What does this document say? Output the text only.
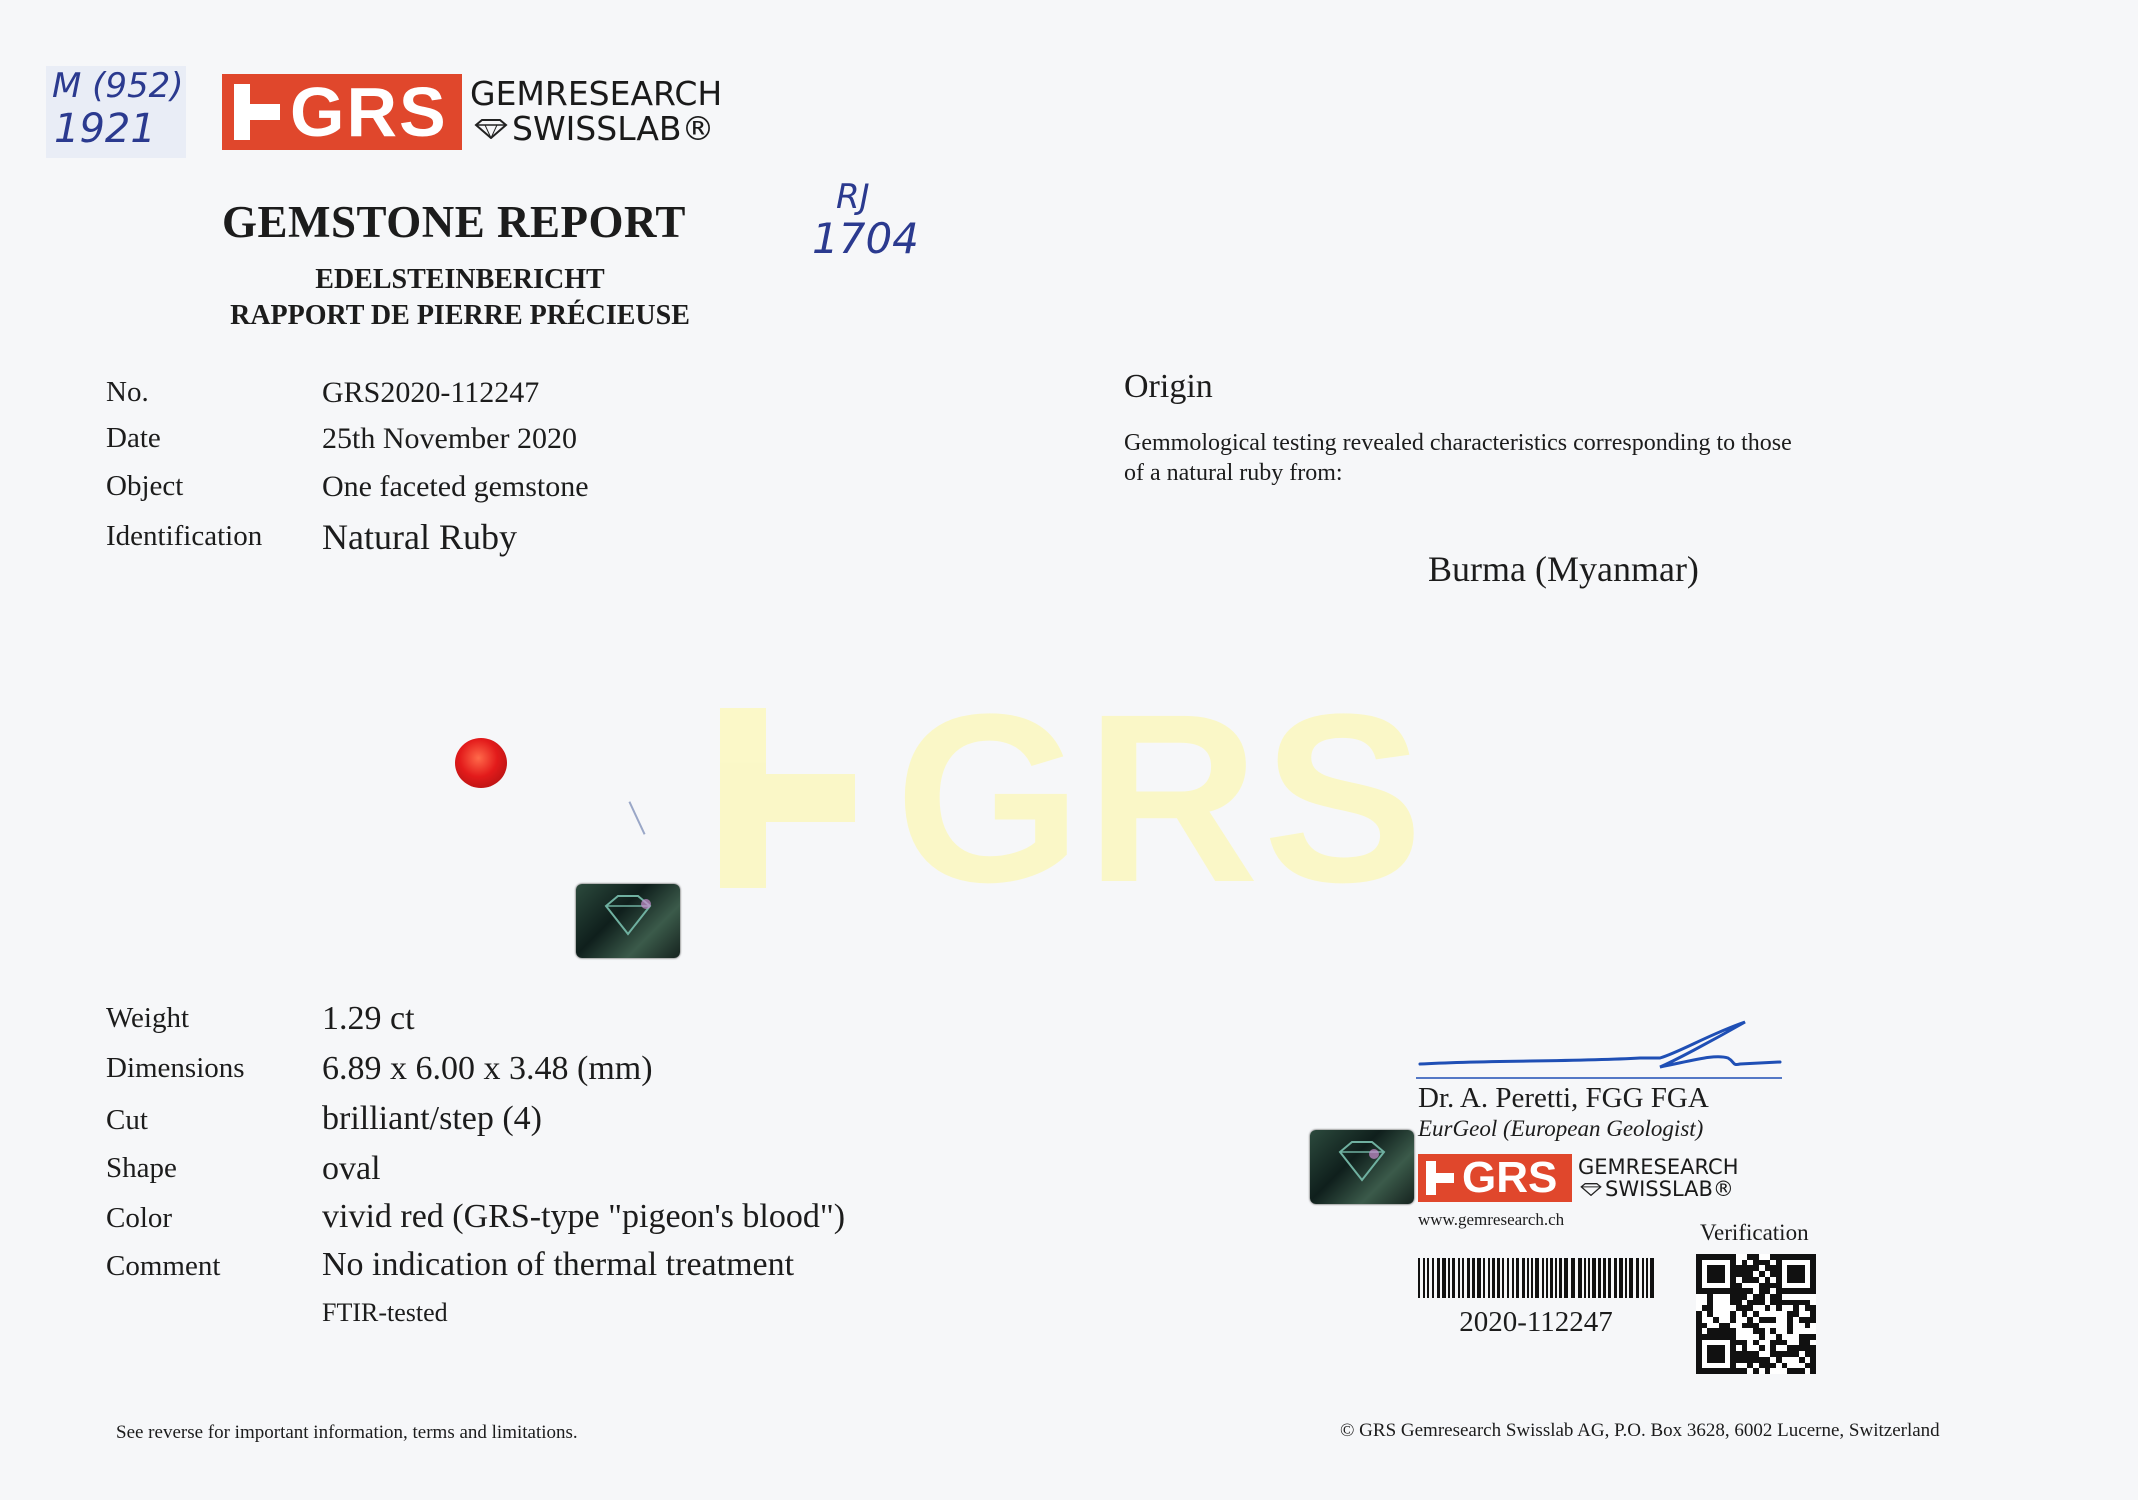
M (952)
1921
RJ
1704
GRS GEMRESEARCH
SWISSLAB®
GEMSTONE REPORT
EDELSTEINBERICHT
RAPPORT DE PIERRE PRÉCIEUSE
No.	GRS2020-112247
Date	25th November 2020
Object	One faceted gemstone
Identification Natural Ruby
Origin
Gemmological testing revealed characteristics corresponding to those
of a natural ruby from:
Burma (Myanmar)
GRS
Weight	1.29 ct
Dimensions 6.89 x 6.00 x 3.48 (mm)
Cut	brilliant/step (4)
Shape	oval
Color	vivid red (GRS-type "pigeon's blood")
Comment	No indication of thermal treatment
FTIR-tested
Dr. A. Peretti, FGG FGA
EurGeol (European Geologist)
GRS GEMRESEARCH
SWISSLAB®
www.gemresearch.ch
2020-112247
Verification
See reverse for important information, terms and limitations.	© GRS Gemresearch Swisslab AG, P.O. Box 3628, 6002 Lucerne, Switzerland
